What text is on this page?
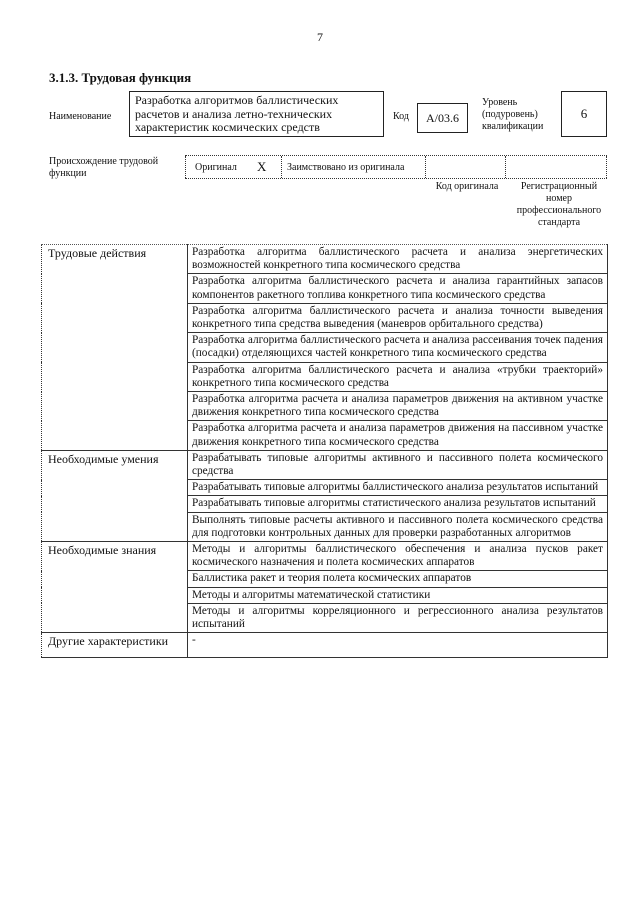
7
3.1.3. Трудовая функция
Наименование
Разработка алгоритмов баллистических расчетов и анализа летно-технических характеристик космических средств
Код	А/03.6
Уровень (подуровень) квалификации
6
Происхождение трудовой функции
Оригинал X Заимствовано из оригинала
Код оригинала	Регистрационный номер профессионального стандарта
Трудовые действия	Разработка алгоритма баллистического расчета и анализа энергетических возможностей конкретного типа космического средства
	Разработка алгоритма баллистического расчета и анализа гарантийных запасов компонентов ракетного топлива конкретного типа космического средства
	Разработка алгоритма баллистического расчета и анализа точности выведения конкретного типа средства выведения (маневров орбитального средства)
	Разработка алгоритма баллистического расчета и анализа рассеивания точек падения (посадки) отделяющихся частей конкретного типа космического средства
	Разработка алгоритма баллистического расчета и анализа «трубки траекторий» конкретного типа космического средства
	Разработка алгоритма расчета и анализа параметров движения на активном участке движения конкретного типа космического средства
	Разработка алгоритма расчета и анализа параметров движения на пассивном участке движения конкретного типа космического средства
Необходимые умения	Разрабатывать типовые алгоритмы активного и пассивного полета космического средства
	Разрабатывать типовые алгоритмы баллистического анализа результатов испытаний
	Разрабатывать типовые алгоритмы статистического анализа результатов испытаний
	Выполнять типовые расчеты активного и пассивного полета космического средства для подготовки контрольных данных для проверки разработанных алгоритмов
Необходимые знания	Методы и алгоритмы баллистического обеспечения и анализа пусков ракет космического назначения и полета космических аппаратов
	Баллистика ракет и теория полета космических аппаратов
	Методы и алгоритмы математической статистики
	Методы и алгоритмы корреляционного и регрессионного анализа результатов испытаний
Другие характеристики	-
